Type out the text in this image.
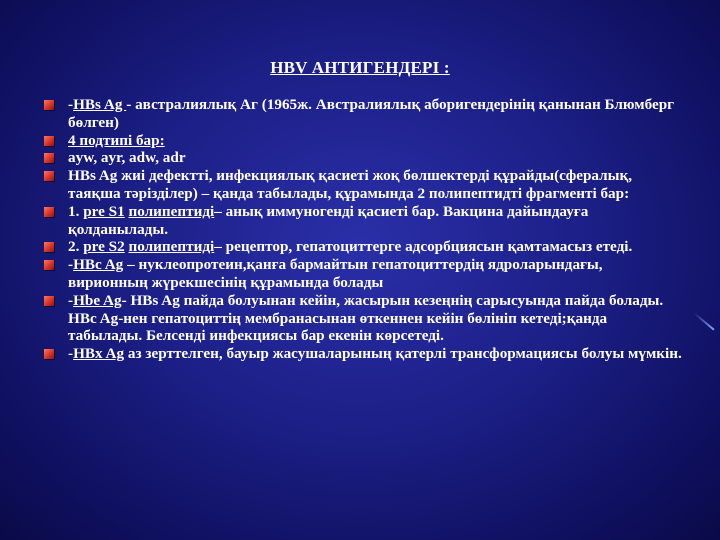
HBV АНТИГЕНДЕРІ :
-HBs Ag - австралиялық Аг (1965ж. Австралиялық аборигендерінің қанынан Блюмберг бөлген)
4 подтипі бар:
ayw, ayr, adw, adr
HBs Ag жиі дефектті, инфекциялық қасиеті жоқ бөлшектерді құрайды(сфералық, таяқша тәрізділер) – қанда табылады, құрамында 2 полипептидті фрагменті бар:
1. pre S1 полипептиді– анық иммуногенді қасиеті бар. Вакцина дайындауға қолданылады.
2. pre S2 полипептиді– рецептор, гепатоциттерге адсорбциясын қамтамасыз етеді.
-HBc Ag – нуклеопротеин,қанға бармайтын гепатоциттердің ядроларындағы, вирионның жүрекшесінің құрамында болады
-Hbe Ag- HBs Ag пайда болуынан кейін, жасырын кезеңнің сарысуында пайда болады. HBc Ag-нен гепатоциттің мембранасынан өткеннен кейін бөлініп кетеді;қанда табылады. Белсенді инфекциясы бар екенін көрсетеді.
-HBx Ag аз зерттелген, бауыр жасушаларының қатерлі трансформациясы болуы мүмкін.
